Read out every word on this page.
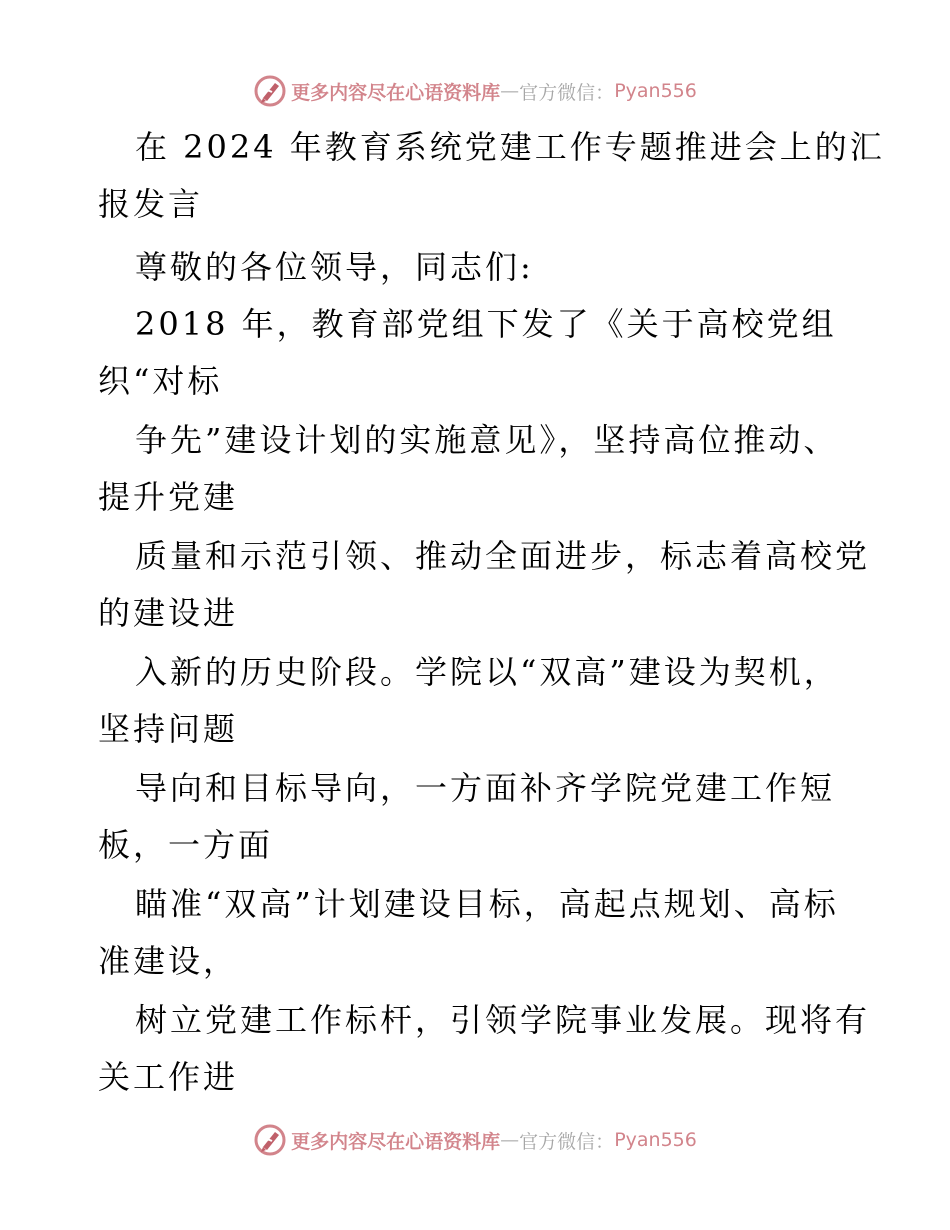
更多内容尽在心语资料库 — 官方微信： Pyan556
在 2024 年教育系统党建工作专题推进会上的汇
报发言
尊敬的各位领导，同志们:
2018 年，教育部党组下发了《关于高校党组
织“对标
争先”建设计划的实施意见》，坚持高位推动、
提升党建
质量和示范引领、推动全面进步，标志着高校党
的建设进
入新的历史阶段。学院以“双高”建设为契机，
坚持问题
导向和目标导向，一方面补齐学院党建工作短
板，一方面
瞄准“双高”计划建设目标，高起点规划、高标
准建设，
树立党建工作标杆，引领学院事业发展。现将有
关工作进
更多内容尽在心语资料库 — 官方微信： Pyan556
